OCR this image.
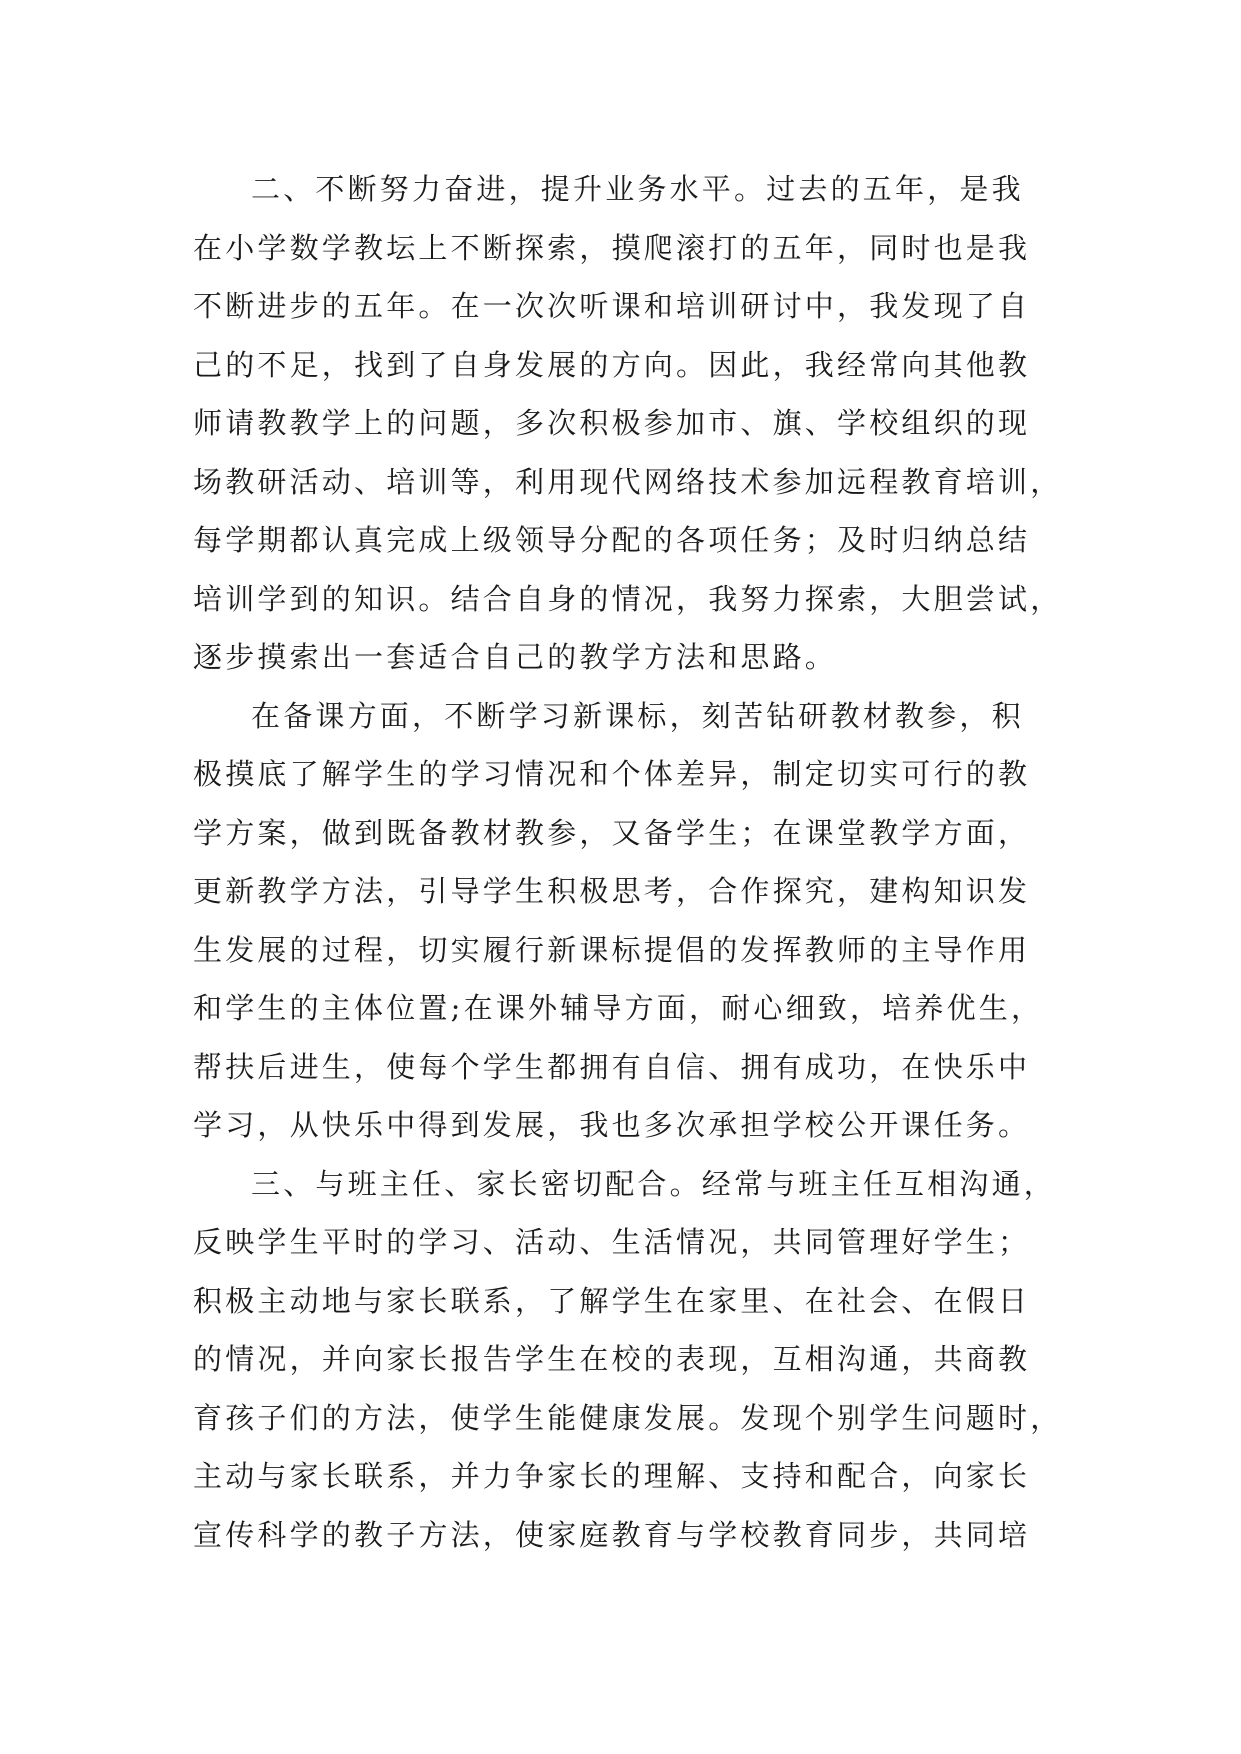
二、不断努力奋进，提升业务水平。过去的五年，是我
在小学数学教坛上不断探索，摸爬滚打的五年，同时也是我
不断进步的五年。在一次次听课和培训研讨中，我发现了自
己的不足，找到了自身发展的方向。因此，我经常向其他教
师请教教学上的问题，多次积极参加市、旗、学校组织的现
场教研活动、培训等，利用现代网络技术参加远程教育培训，
每学期都认真完成上级领导分配的各项任务；及时归纳总结
培训学到的知识。结合自身的情况，我努力探索，大胆尝试，
逐步摸索出一套适合自己的教学方法和思路。
在备课方面，不断学习新课标，刻苦钻研教材教参，积
极摸底了解学生的学习情况和个体差异，制定切实可行的教
学方案，做到既备教材教参，又备学生；在课堂教学方面，
更新教学方法，引导学生积极思考，合作探究，建构知识发
生发展的过程，切实履行新课标提倡的发挥教师的主导作用
和学生的主体位置;在课外辅导方面，耐心细致，培养优生，
帮扶后进生，使每个学生都拥有自信、拥有成功，在快乐中
学习，从快乐中得到发展，我也多次承担学校公开课任务。
三、与班主任、家长密切配合。经常与班主任互相沟通，
反映学生平时的学习、活动、生活情况，共同管理好学生；
积极主动地与家长联系，了解学生在家里、在社会、在假日
的情况，并向家长报告学生在校的表现，互相沟通，共商教
育孩子们的方法，使学生能健康发展。发现个别学生问题时，
主动与家长联系，并力争家长的理解、支持和配合，向家长
宣传科学的教子方法，使家庭教育与学校教育同步，共同培
